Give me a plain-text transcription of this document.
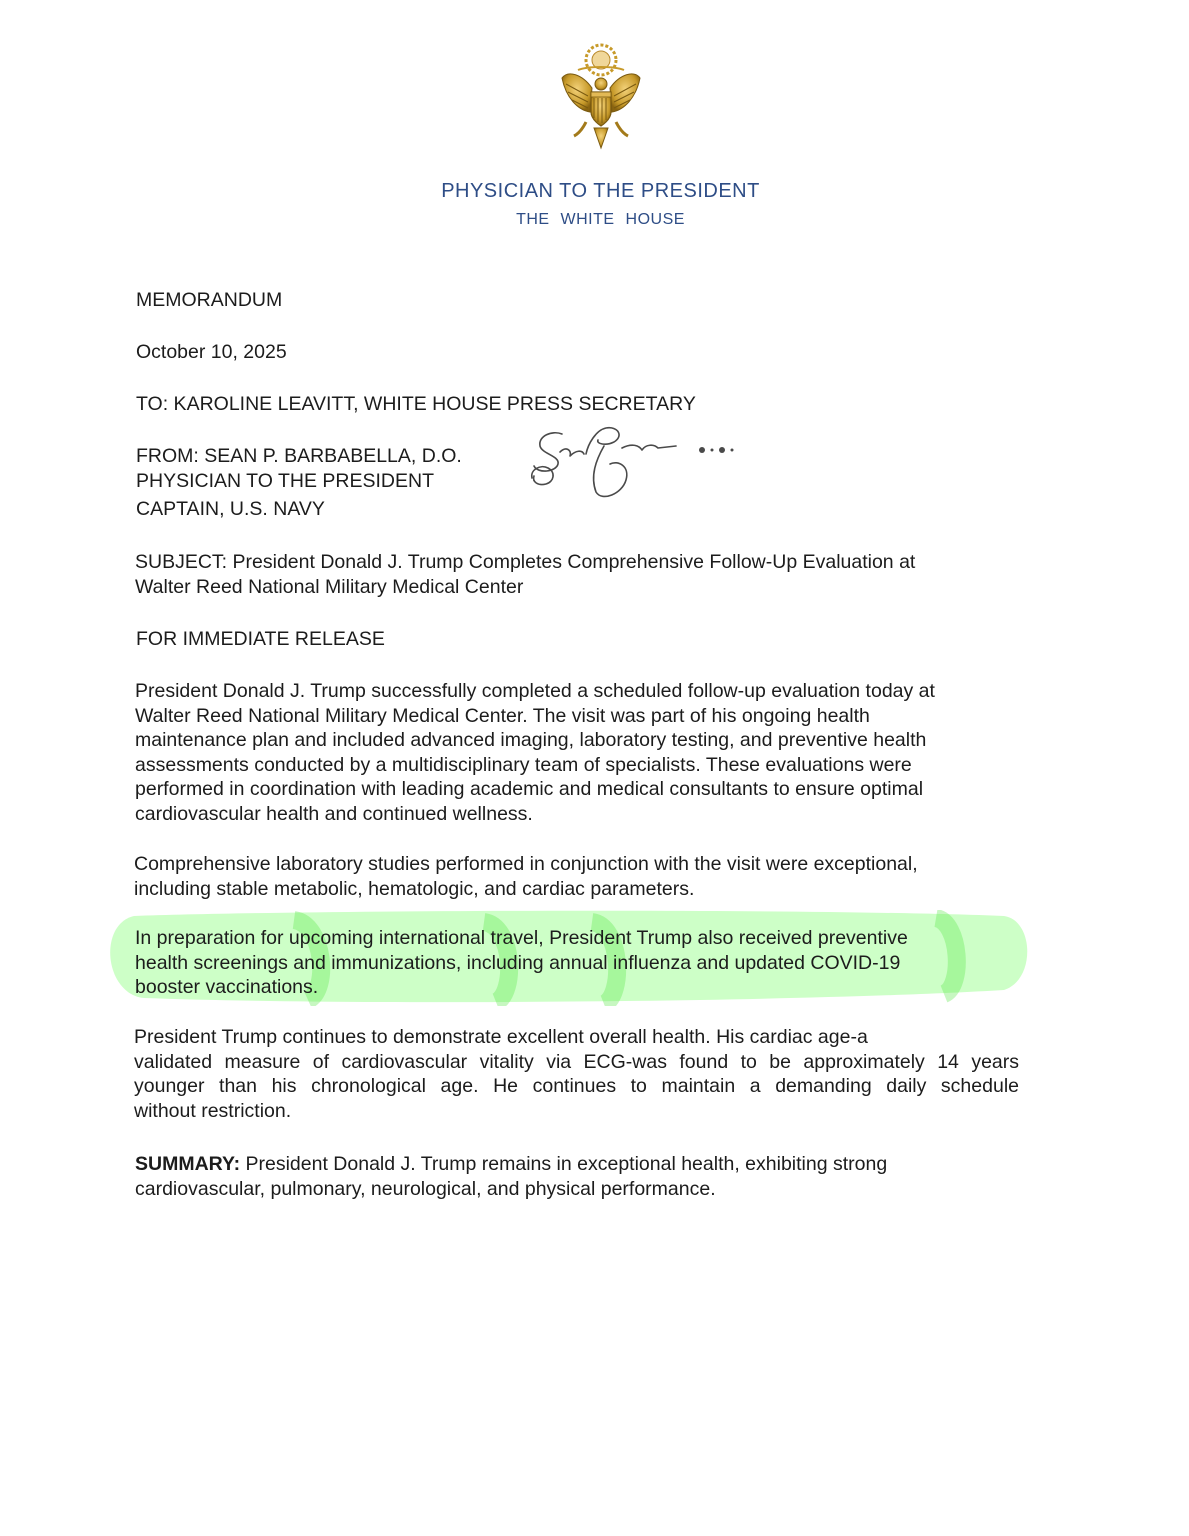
PHYSICIAN TO THE PRESIDENT
THE WHITE HOUSE
MEMORANDUM
October 10, 2025
TO: KAROLINE LEAVITT, WHITE HOUSE PRESS SECRETARY
FROM: SEAN P. BARBABELLA, D.O.
PHYSICIAN TO THE PRESIDENT
CAPTAIN, U.S. NAVY
SUBJECT: President Donald J. Trump Completes Comprehensive Follow-Up Evaluation at
Walter Reed National Military Medical Center
FOR IMMEDIATE RELEASE
President Donald J. Trump successfully completed a scheduled follow-up evaluation today at
Walter Reed National Military Medical Center. The visit was part of his ongoing health
maintenance plan and included advanced imaging, laboratory testing, and preventive health
assessments conducted by a multidisciplinary team of specialists. These evaluations were
performed in coordination with leading academic and medical consultants to ensure optimal
cardiovascular health and continued wellness.
Comprehensive laboratory studies performed in conjunction with the visit were exceptional,
including stable metabolic, hematologic, and cardiac parameters.
In preparation for upcoming international travel, President Trump also received preventive
health screenings and immunizations, including annual influenza and updated COVID-19
booster vaccinations.
President Trump continues to demonstrate excellent overall health. His cardiac age-a
validated measure of cardiovascular vitality via ECG-was found to be approximately 14 years
younger than his chronological age. He continues to maintain a demanding daily schedule
without restriction.
SUMMARY: President Donald J. Trump remains in exceptional health, exhibiting strong
cardiovascular, pulmonary, neurological, and physical performance.
